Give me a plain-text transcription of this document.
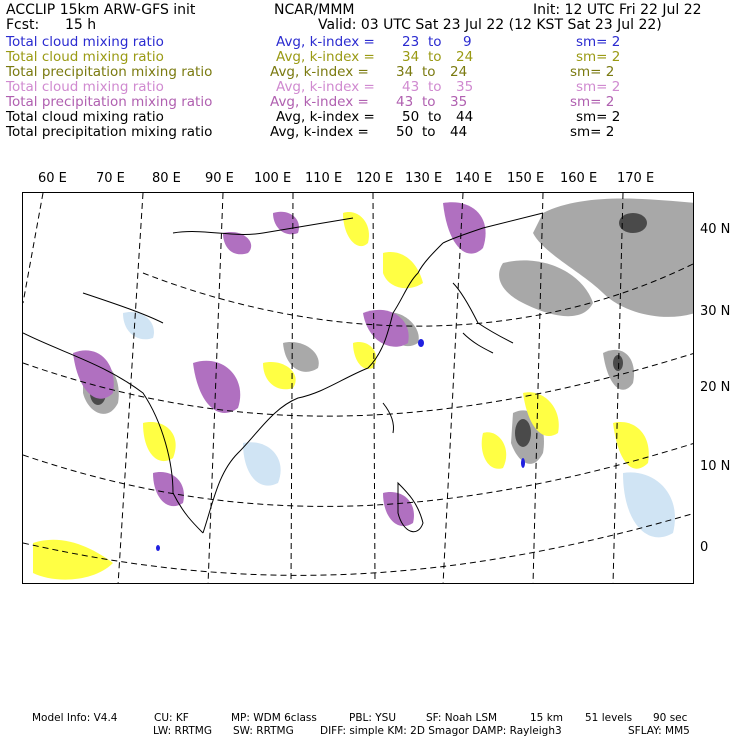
ACCLIP 15km ARW-GFS init	NCAR/MMM	Init: 12 UTC Fri 22 Jul 22
Fcst: 15 h	Valid: 03 UTC Sat 23 Jul 22 (12 KST Sat 23 Jul 22)
Total cloud mixing ratio	Avg, k-index = 23 to 9	sm= 2
Total cloud mixing ratio	Avg, k-index = 34 to 24	sm= 2
Total precipitation mixing ratio	Avg, k-index = 34 to 24	sm= 2
Total cloud mixing ratio	Avg, k-index = 43 to 35	sm= 2
Total precipitation mixing ratio	Avg, k-index = 43 to 35	sm= 2
Total cloud mixing ratio	Avg, k-index = 50 to 44	sm= 2
Total precipitation mixing ratio	Avg, k-index = 50 to 44	sm= 2
60 E 70 E 80 E 90 E 100 E 110 E 120 E 130 E 140 E 150 E 160 E 170 E
40 N
30 N
20 N
10 N
0
Model Info: V4.4	CU: KF	MP: WDM 6class	PBL: YSU	SF: Noah LSM	15 km 51 levels 90 sec
LW: RRTMG SW: RRTMG	DIFF: simple KM: 2D Smagor DAMP: Rayleigh3	SFLAY: MM5
